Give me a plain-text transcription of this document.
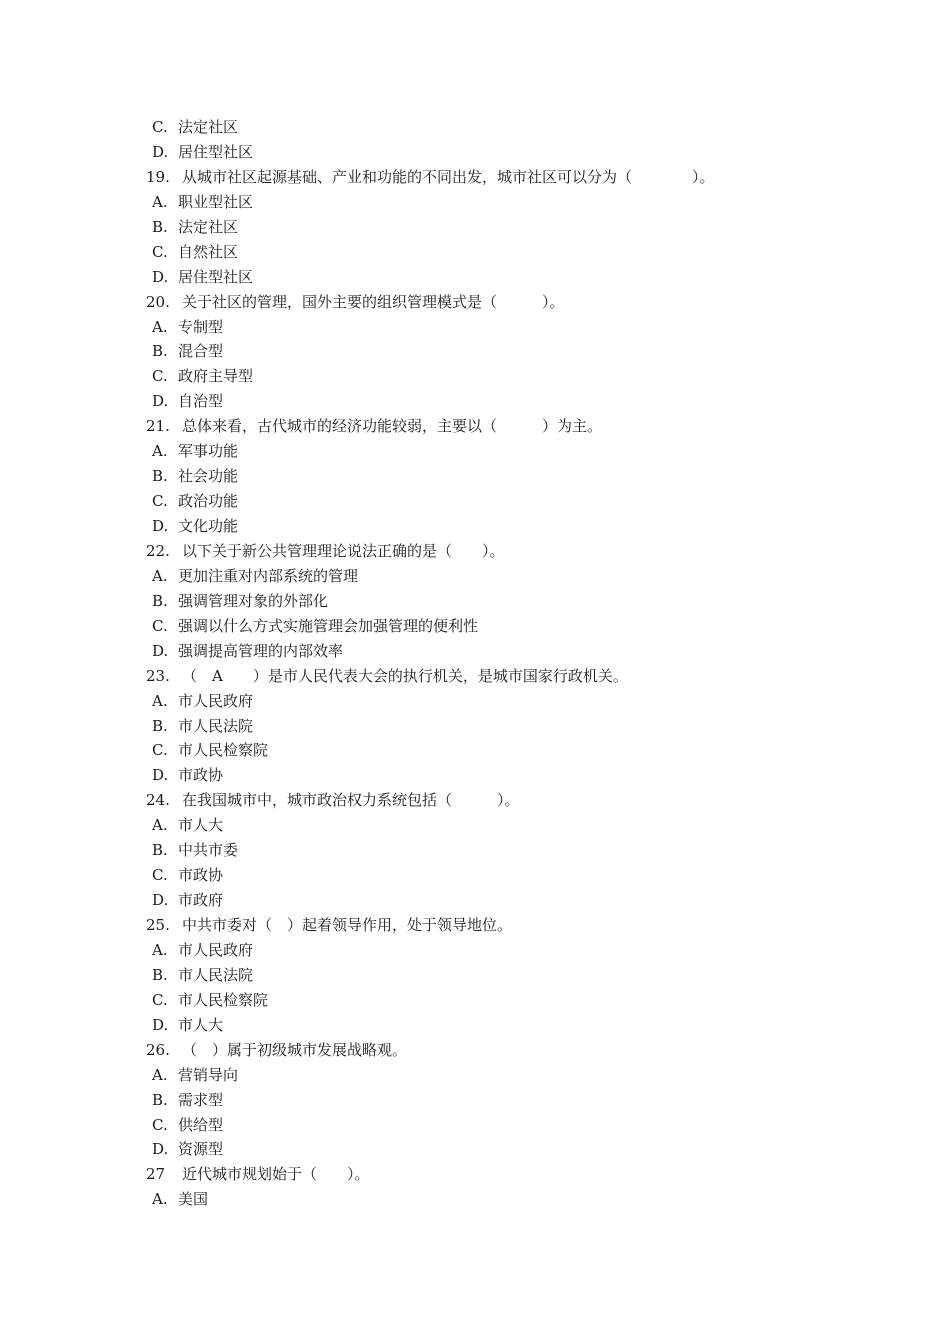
C. 法定社区
D. 居住型社区
19. 从城市社区起源基础、产业和功能的不同出发，城市社区可以分为（　　　　）。
A. 职业型社区
B. 法定社区
C. 自然社区
D. 居住型社区
20. 关于社区的管理，国外主要的组织管理模式是（　　　）。
A. 专制型
B. 混合型
C. 政府主导型
D. 自治型
21. 总体来看，古代城市的经济功能较弱，主要以（　　　）为主。
A. 军事功能
B. 社会功能
C. 政治功能
D. 文化功能
22. 以下关于新公共管理理论说法正确的是（　　）。
A. 更加注重对内部系统的管理
B. 强调管理对象的外部化
C. 强调以什么方式实施管理会加强管理的便利性
D. 强调提高管理的内部效率
23. （　A　　）是市人民代表大会的执行机关，是城市国家行政机关。
A. 市人民政府
B. 市人民法院
C. 市人民检察院
D. 市政协
24. 在我国城市中，城市政治权力系统包括（　　　）。
A. 市人大
B. 中共市委
C. 市政协
D. 市政府
25. 中共市委对（　）起着领导作用，处于领导地位。
A. 市人民政府
B. 市人民法院
C. 市人民检察院
D. 市人大
26. （　）属于初级城市发展战略观。
A. 营销导向
B. 需求型
C. 供给型
D. 资源型
27 近代城市规划始于（　　）。
A. 美国
